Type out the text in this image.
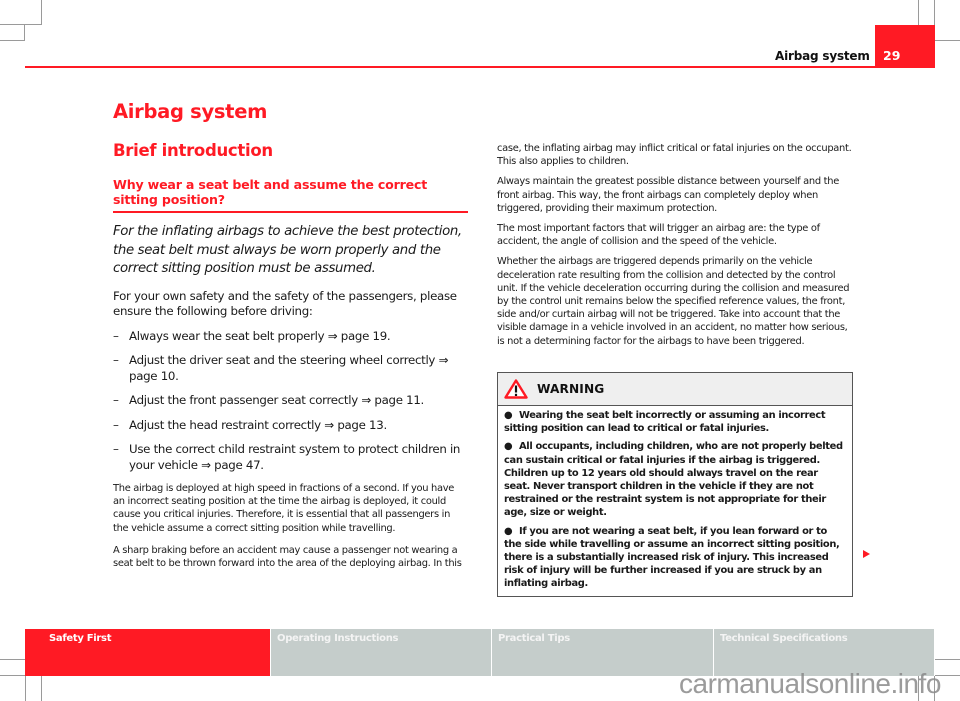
Airbag system 29
Airbag system
Brief introduction
Why wear a seat belt and assume the correct sitting position?

For the inflating airbags to achieve the best protection, the seat belt must always be worn properly and the correct sitting position must be assumed.

For your own safety and the safety of the passengers, please ensure the following before driving:

– Always wear the seat belt properly ⇒ page 19.
– Adjust the driver seat and the steering wheel correctly ⇒ page 10.
– Adjust the front passenger seat correctly ⇒ page 11.
– Adjust the head restraint correctly ⇒ page 13.
– Use the correct child restraint system to protect children in your vehicle ⇒ page 47.

The airbag is deployed at high speed in fractions of a second. If you have an incorrect seating position at the time the airbag is deployed, it could cause you critical injuries. Therefore, it is essential that all passengers in the vehicle assume a correct sitting position while travelling.

A sharp braking before an accident may cause a passenger not wearing a seat belt to be thrown forward into the area of the deploying airbag. In this

case, the inflating airbag may inflict critical or fatal injuries on the occupant. This also applies to children.

Always maintain the greatest possible distance between yourself and the front airbag. This way, the front airbags can completely deploy when triggered, providing their maximum protection.

The most important factors that will trigger an airbag are: the type of accident, the angle of collision and the speed of the vehicle.

Whether the airbags are triggered depends primarily on the vehicle deceleration rate resulting from the collision and detected by the control unit. If the vehicle deceleration occurring during the collision and measured by the control unit remains below the specified reference values, the front, side and/or curtain airbag will not be triggered. Take into account that the visible damage in a vehicle involved in an accident, no matter how serious, is not a determining factor for the airbags to have been triggered.

WARNING

● Wearing the seat belt incorrectly or assuming an incorrect sitting position can lead to critical or fatal injuries.

● All occupants, including children, who are not properly belted can sustain critical or fatal injuries if the airbag is triggered. Children up to 12 years old should always travel on the rear seat. Never transport children in the vehicle if they are not restrained or the restraint system is not appropriate for their age, size or weight.

● If you are not wearing a seat belt, if you lean forward or to the side while travelling or assume an incorrect sitting position, there is a substantially increased risk of injury. This increased risk of injury will be further increased if you are struck by an inflating airbag.

Safety First	Operating Instructions	Practical Tips	Technical Specifications
carmanualsonline.info
